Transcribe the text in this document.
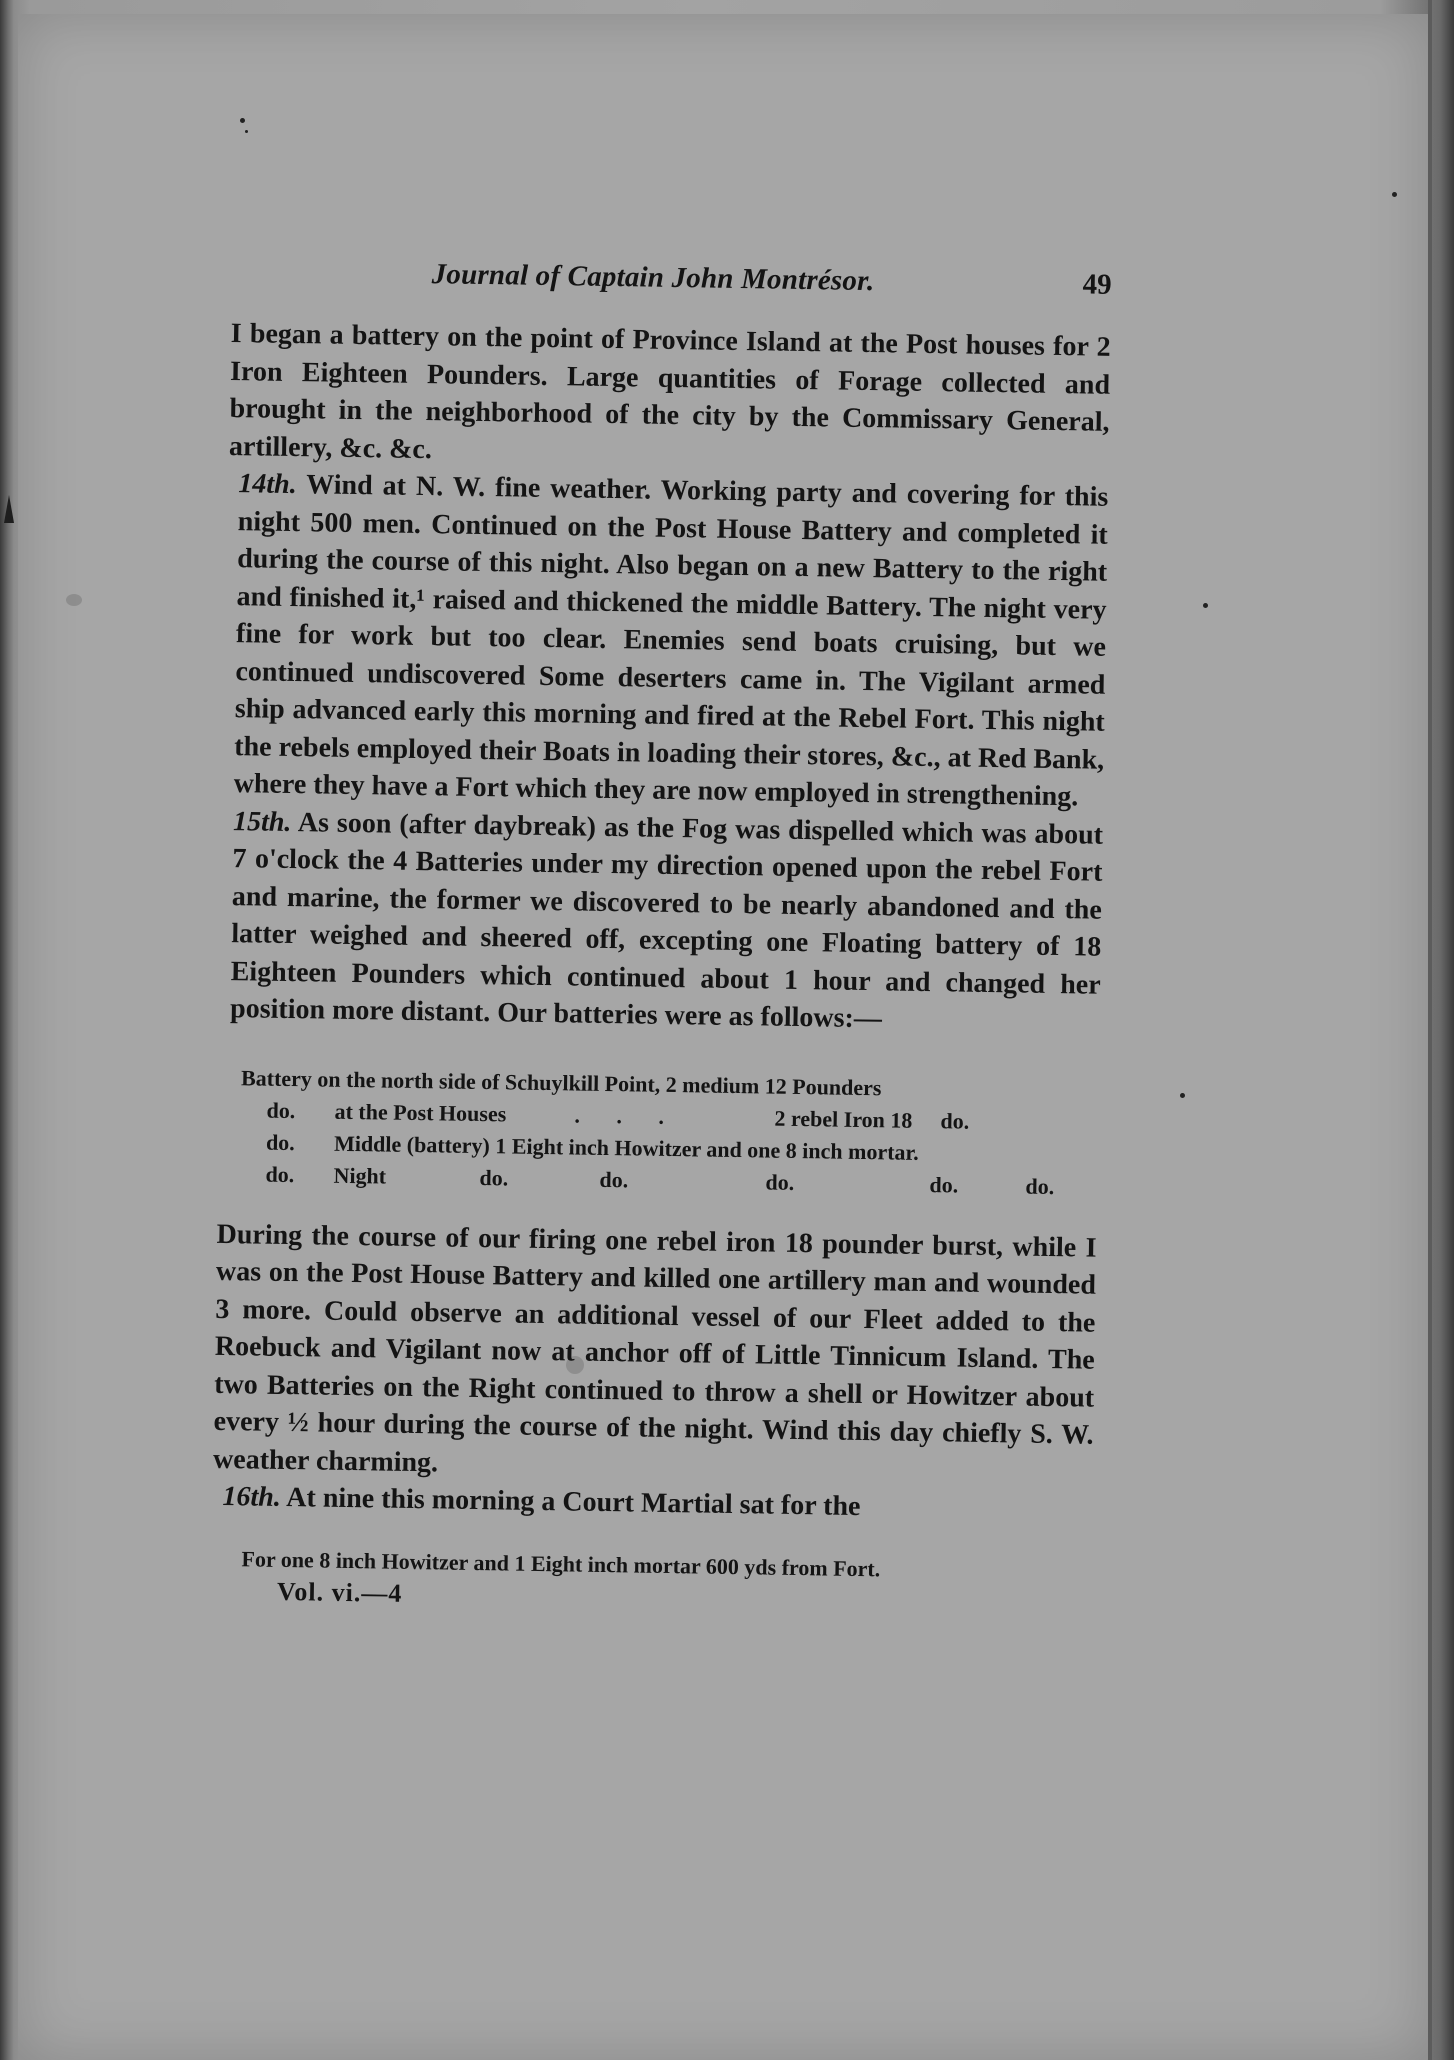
Journal of Captain John Montrésor.	49

I began a battery on the point of Province Island at the Post houses for 2 Iron Eighteen Pounders. Large quantities of Forage collected and brought in the neighborhood of the city by the Commissary General, artillery, &c. &c.

14th. Wind at N. W. fine weather. Working party and covering for this night 500 men. Continued on the Post House Battery and completed it during the course of this night. Also began on a new Battery to the right and finished it,¹ raised and thickened the middle Battery. The night very fine for work but too clear. Enemies send boats cruising, but we continued undiscovered Some deserters came in. The Vigilant armed ship advanced early this morning and fired at the Rebel Fort. This night the rebels employed their Boats in loading their stores, &c., at Red Bank, where they have a Fort which they are now employed in strengthening.

15th. As soon (after daybreak) as the Fog was dispelled which was about 7 o'clock the 4 Batteries under my direction opened upon the rebel Fort and marine, the former we discovered to be nearly abandoned and the latter weighed and sheered off, excepting one Floating battery of 18 Eighteen Pounders which continued about 1 hour and changed her position more distant. Our batteries were as follows:—

Battery on the north side of Schuylkill Point, 2 medium 12 Pounders
do. at the Post Houses	. . .	2 rebel Iron 18 do.
do. Middle (battery) 1 Eight inch Howitzer and one 8 inch mortar.
do. Night	do.	do.	do.	do.	do.

During the course of our firing one rebel iron 18 pounder burst, while I was on the Post House Battery and killed one artillery man and wounded 3 more. Could observe an additional vessel of our Fleet added to the Roebuck and Vigilant now at anchor off of Little Tinnicum Island. The two Batteries on the Right continued to throw a shell or Howitzer about every ½ hour during the course of the night. Wind this day chiefly S. W. weather charming.

16th. At nine this morning a Court Martial sat for the

For one 8 inch Howitzer and 1 Eight inch mortar 600 yds from Fort.
Vol. vi.—4
